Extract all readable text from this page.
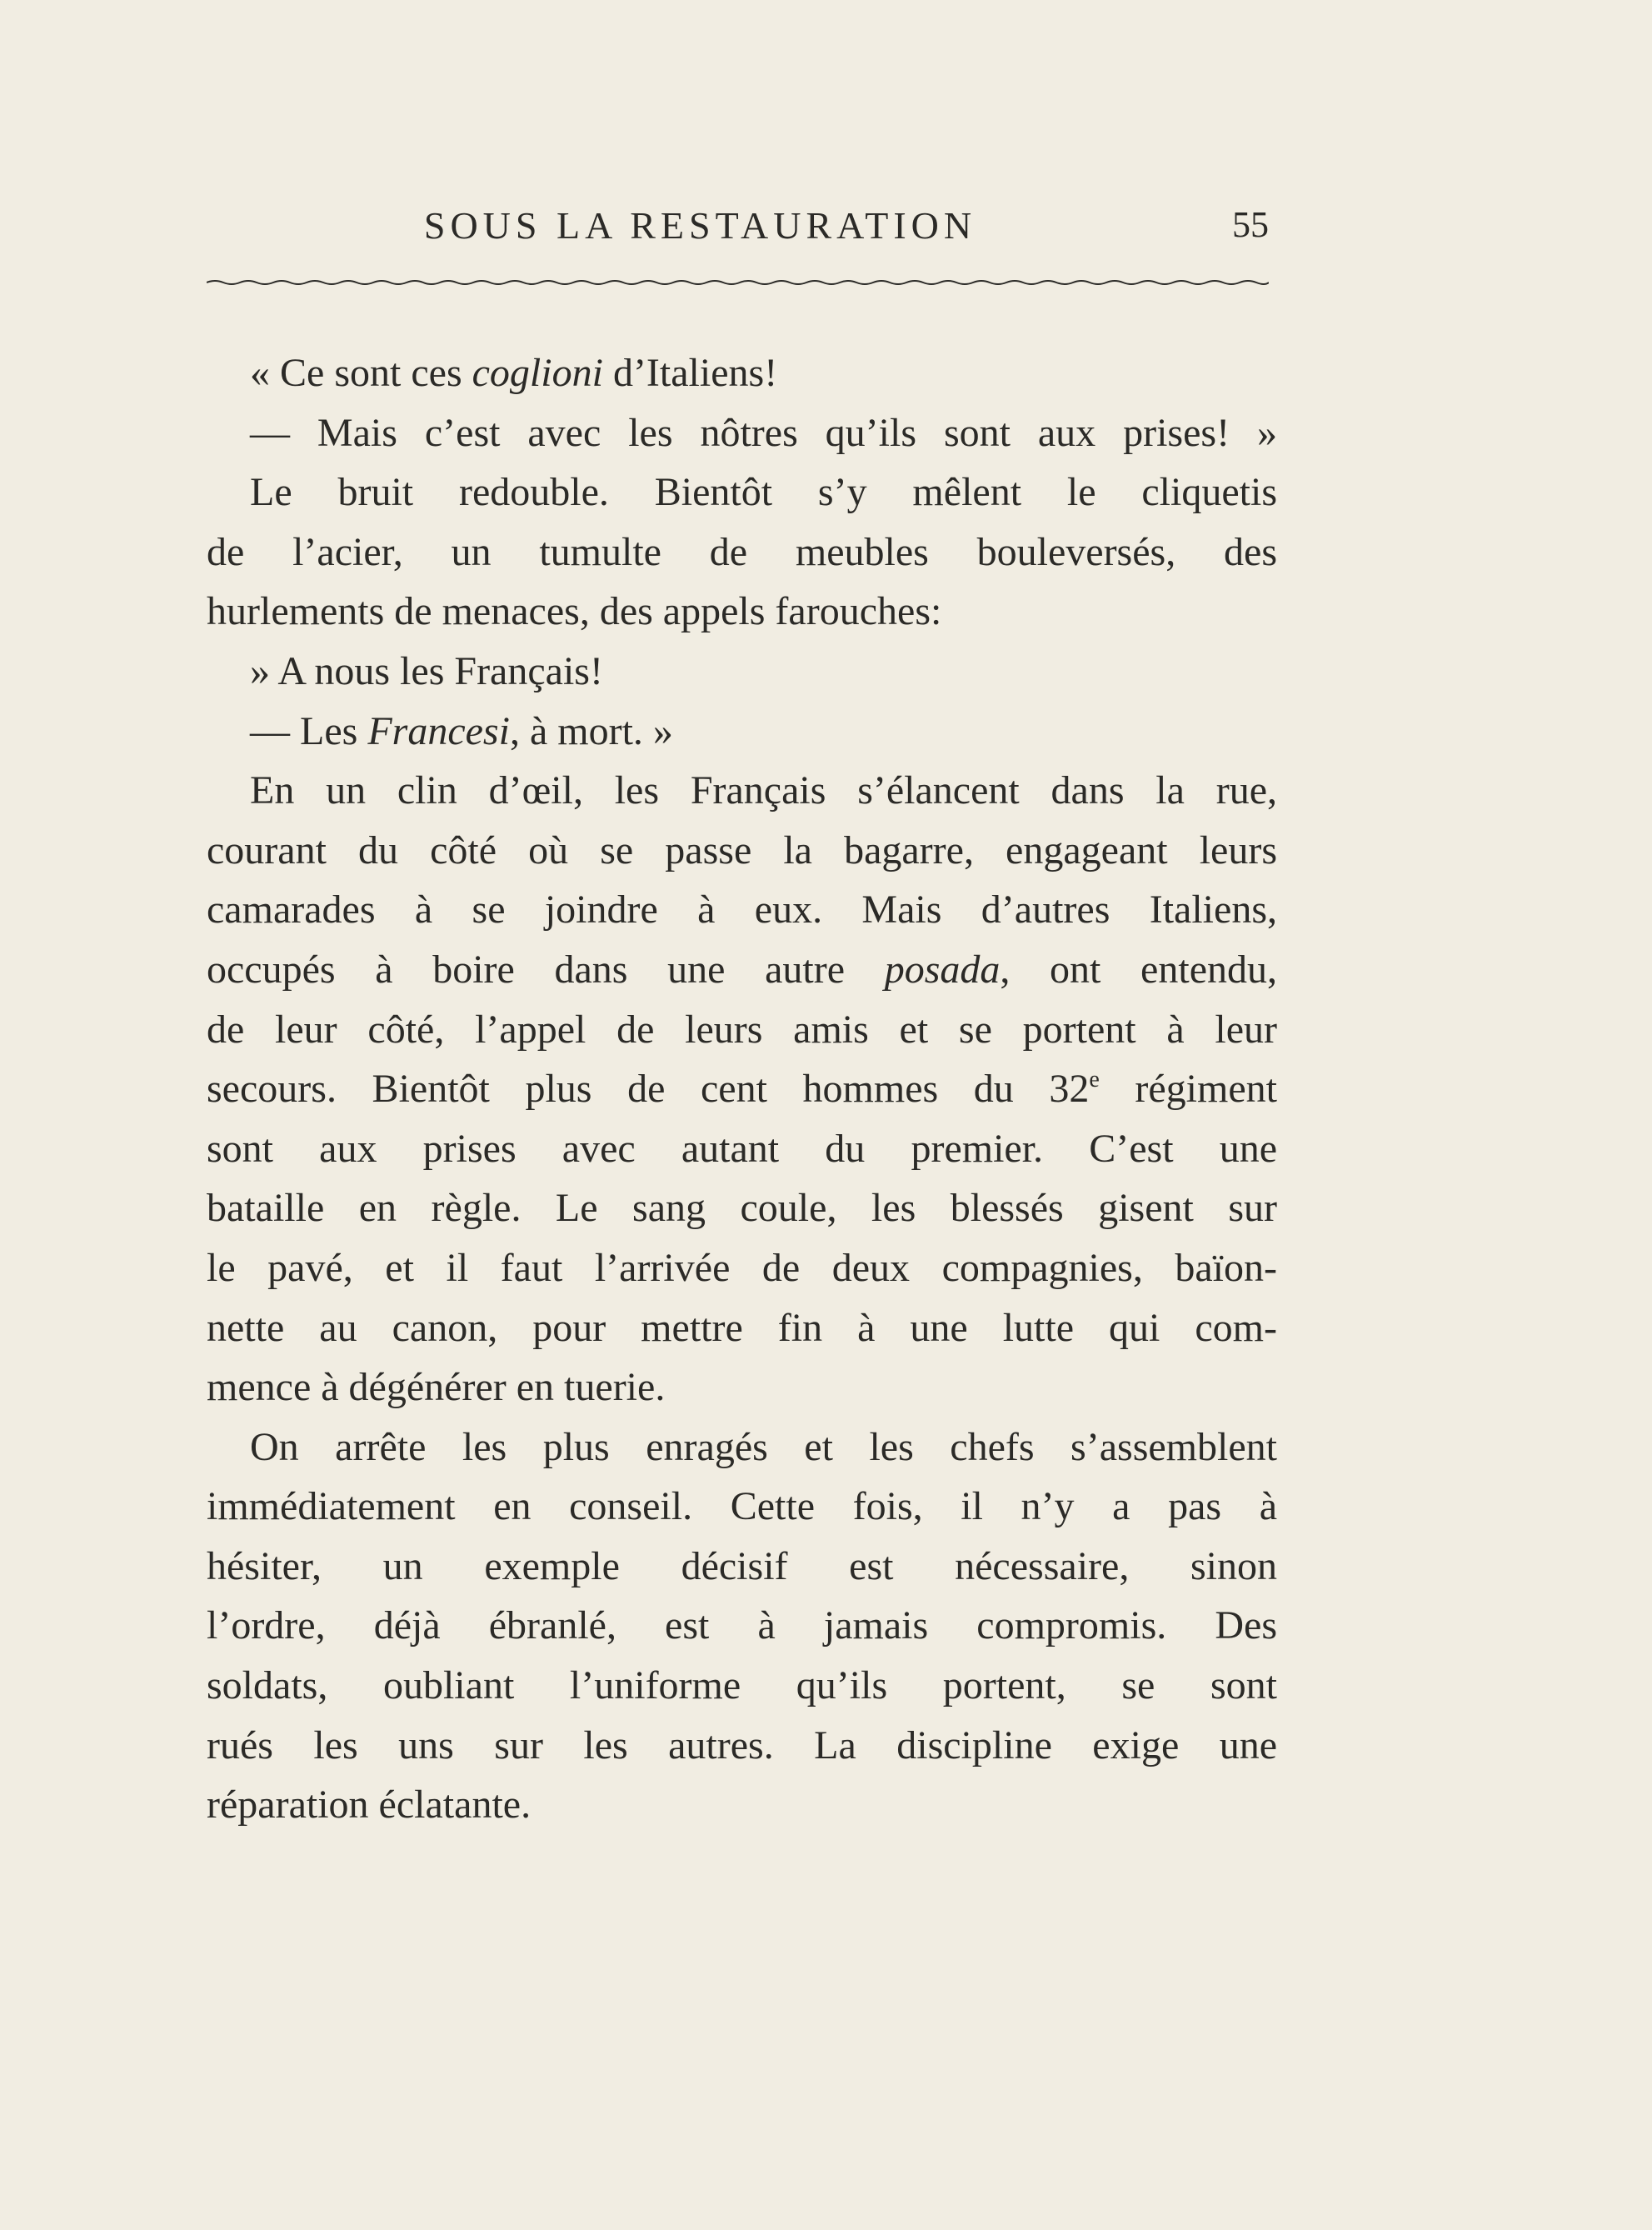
SOUS LA RESTAURATION	55
« Ce sont ces coglioni d’Italiens!
— Mais c’est avec les nôtres qu’ils sont aux prises! »
Le bruit redouble. Bientôt s’y mêlent le cliquetis
de l’acier, un tumulte de meubles bouleversés, des
hurlements de menaces, des appels farouches:
» A nous les Français!
— Les Francesi, à mort. »
En un clin d’œil, les Français s’élancent dans la rue,
courant du côté où se passe la bagarre, engageant leurs
camarades à se joindre à eux. Mais d’autres Italiens,
occupés à boire dans une autre posada, ont entendu,
de leur côté, l’appel de leurs amis et se portent à leur
secours. Bientôt plus de cent hommes du 32e régiment
sont aux prises avec autant du premier. C’est une
bataille en règle. Le sang coule, les blessés gisent sur
le pavé, et il faut l’arrivée de deux compagnies, baïon-
nette au canon, pour mettre fin à une lutte qui com-
mence à dégénérer en tuerie.
On arrête les plus enragés et les chefs s’assemblent
immédiatement en conseil. Cette fois, il n’y a pas à
hésiter, un exemple décisif est nécessaire, sinon
l’ordre, déjà ébranlé, est à jamais compromis. Des
soldats, oubliant l’uniforme qu’ils portent, se sont
rués les uns sur les autres. La discipline exige une
réparation éclatante.
